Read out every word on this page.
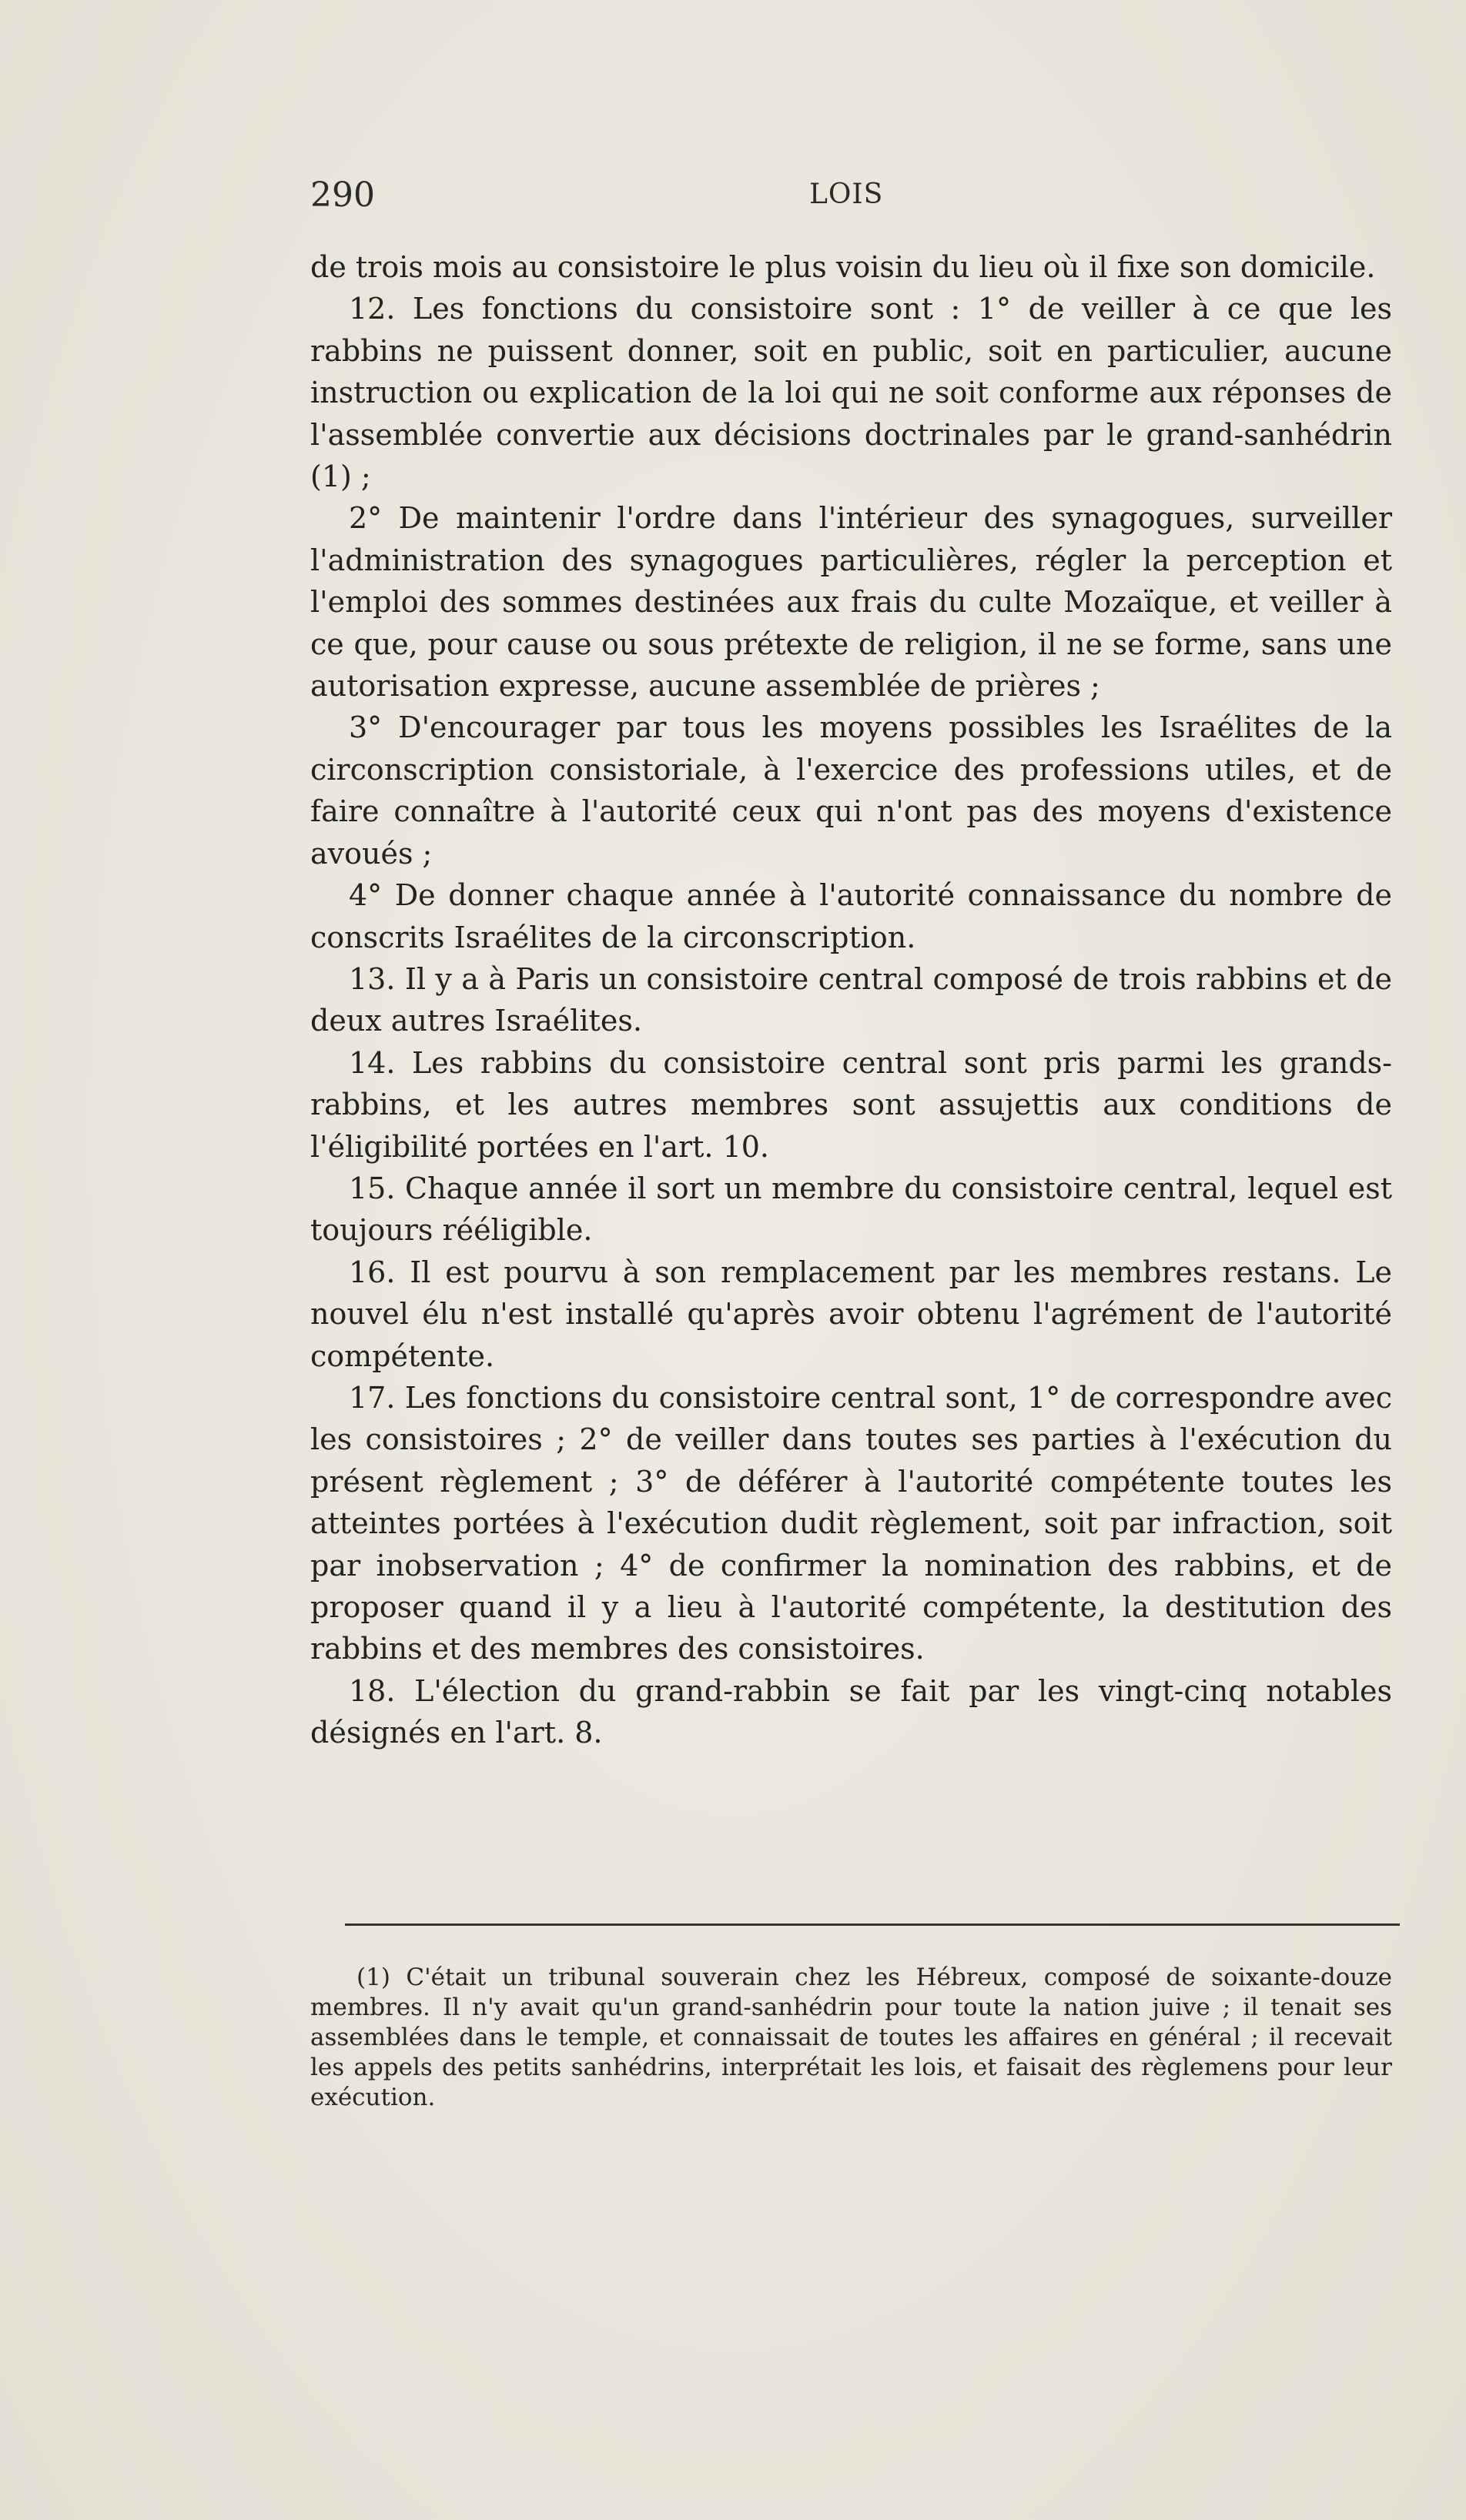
290	LOIS

de trois mois au consistoire le plus voisin du lieu où il fixe son domicile.

12. Les fonctions du consistoire sont : 1° de veiller à ce que les rabbins ne puissent donner, soit en public, soit en particulier, aucune instruction ou explication de la loi qui ne soit conforme aux réponses de l'assemblée convertie aux décisions doctrinales par le grand-sanhédrin (1) ;

2° De maintenir l'ordre dans l'intérieur des synagogues, surveiller l'administration des synagogues particulières, régler la perception et l'emploi des sommes destinées aux frais du culte Mozaïque, et veiller à ce que, pour cause ou sous prétexte de religion, il ne se forme, sans une autorisation expresse, aucune assemblée de prières ;

3° D'encourager par tous les moyens possibles les Israélites de la circonscription consistoriale, à l'exercice des professions utiles, et de faire connaître à l'autorité ceux qui n'ont pas des moyens d'existence avoués ;

4° De donner chaque année à l'autorité connaissance du nombre de conscrits Israélites de la circonscription.

13. Il y a à Paris un consistoire central composé de trois rabbins et de deux autres Israélites.

14. Les rabbins du consistoire central sont pris parmi les grands-rabbins, et les autres membres sont assujettis aux conditions de l'éligibilité portées en l'art. 10.

15. Chaque année il sort un membre du consistoire central, lequel est toujours rééligible.

16. Il est pourvu à son remplacement par les membres restans. Le nouvel élu n'est installé qu'après avoir obtenu l'agrément de l'autorité compétente.

17. Les fonctions du consistoire central sont, 1° de correspondre avec les consistoires ; 2° de veiller dans toutes ses parties à l'exécution du présent règlement ; 3° de déférer à l'autorité compétente toutes les atteintes portées à l'exécution dudit règlement, soit par infraction, soit par inobservation ; 4° de confirmer la nomination des rabbins, et de proposer quand il y a lieu à l'autorité compétente, la destitution des rabbins et des membres des consistoires.

18. L'élection du grand-rabbin se fait par les vingt-cinq notables désignés en l'art. 8.

(1) C'était un tribunal souverain chez les Hébreux, composé de soixante-douze membres. Il n'y avait qu'un grand-sanhédrin pour toute la nation juive ; il tenait ses assemblées dans le temple, et connaissait de toutes les affaires en général ; il recevait les appels des petits sanhédrins, interprétait les lois, et faisait des règlemens pour leur exécution.
